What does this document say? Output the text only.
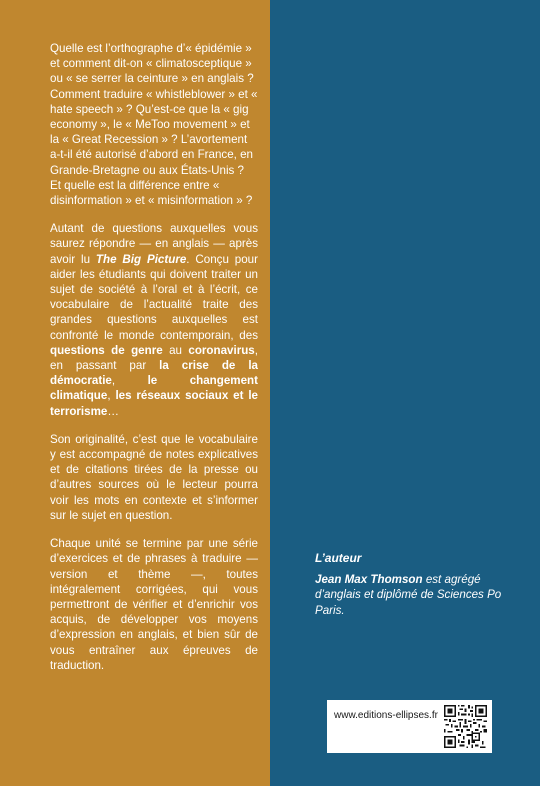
Quelle est l’orthographe d’« épidémie » et comment dit-on « climatosceptique » ou « se serrer la ceinture » en anglais ? Comment traduire « whistleblower » et « hate speech » ? Qu’est-ce que la « gig economy », le « MeToo movement » et la « Great Recession » ? L’avortement a-t-il été autorisé d’abord en France, en Grande-Bretagne ou aux États-Unis ? Et quelle est la différence entre « disinformation » et « misinformation » ?

Autant de questions auxquelles vous saurez répondre — en anglais — après avoir lu The Big Picture. Conçu pour aider les étudiants qui doivent traiter un sujet de société à l’oral et à l’écrit, ce vocabulaire de l’actualité traite des grandes questions auxquelles est confronté le monde contemporain, des questions de genre au coronavirus, en passant par la crise de la démocratie, le changement climatique, les réseaux sociaux et le terrorisme…

Son originalité, c’est que le vocabulaire y est accompagné de notes explicatives et de citations tirées de la presse ou d’autres sources où le lecteur pourra voir les mots en contexte et s’informer sur le sujet en question.

Chaque unité se termine par une série d’exercices et de phrases à traduire — version et thème —, toutes intégralement corrigées, qui vous permettront de vérifier et d’enrichir vos acquis, de développer vos moyens d’expression en anglais, et bien sûr de vous entraîner aux épreuves de traduction.

L’auteur

Jean Max Thomson est agrégé d’anglais et diplômé de Sciences Po Paris.

www.editions-ellipses.fr
